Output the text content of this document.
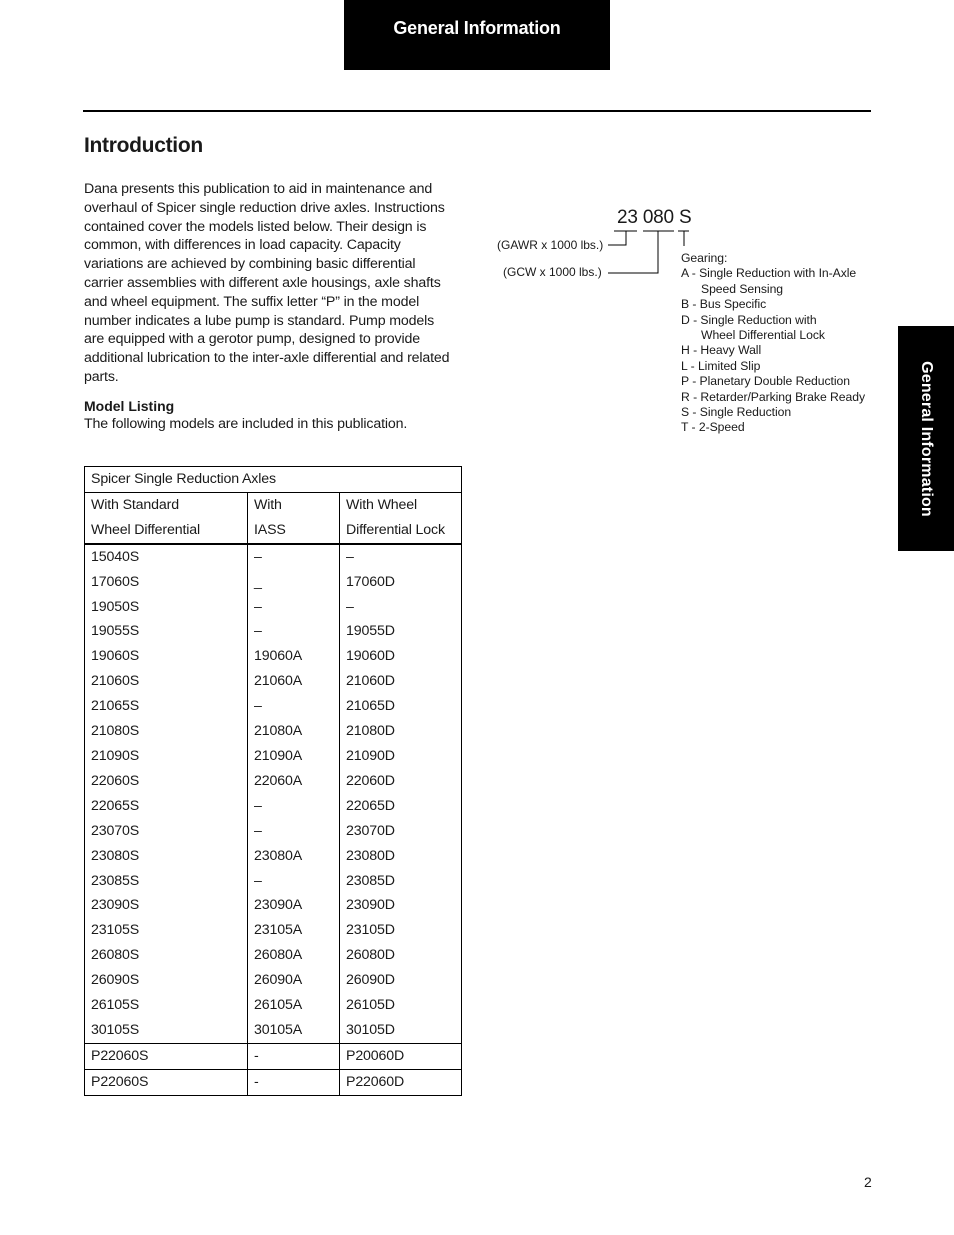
General Information
Introduction

Dana presents this publication to aid in maintenance and overhaul of Spicer single reduction drive axles. Instructions contained cover the models listed below. Their design is common, with differences in load capacity. Capacity variations are achieved by combining basic differential carrier assemblies with different axle housings, axle shafts and wheel equipment. The suffix letter “P” in the model number indicates a lube pump is standard. Pump models are equipped with a gerotor pump, designed to provide additional lubrication to the inter-axle differential and related parts.

Model Listing
The following models are included in this publication.
Spicer Single Reduction Axles		
With Standard	With	With Wheel
Wheel Differential	IASS	Differential Lock
15040S	–	–
17060S	_	17060D
19050S	–	–
19055S	–	19055D
19060S	19060A	19060D
21060S	21060A	21060D
21065S	–	21065D
21080S	21080A	21080D
21090S	21090A	21090D
22060S	22060A	22060D
22065S	–	22065D
23070S	–	23070D
23080S	23080A	23080D
23085S	–	23085D
23090S	23090A	23090D
23105S	23105A	23105D
26080S	26080A	26080D
26090S	26090A	26090D
26105S	26105A	26105D
30105S	30105A	30105D
P22060S	-	P20060D
P22060S	-	P22060D
23 080 S
(GAWR x 1000 lbs.)
(GCW x 1000 lbs.)
Gearing:
A - Single Reduction with In-Axle
Speed Sensing
B - Bus Specific
D - Single Reduction with
Wheel Differential Lock
H - Heavy Wall
L - Limited Slip
P - Planetary Double Reduction
R - Retarder/Parking Brake Ready
S - Single Reduction
T - 2-Speed	General Information
2
